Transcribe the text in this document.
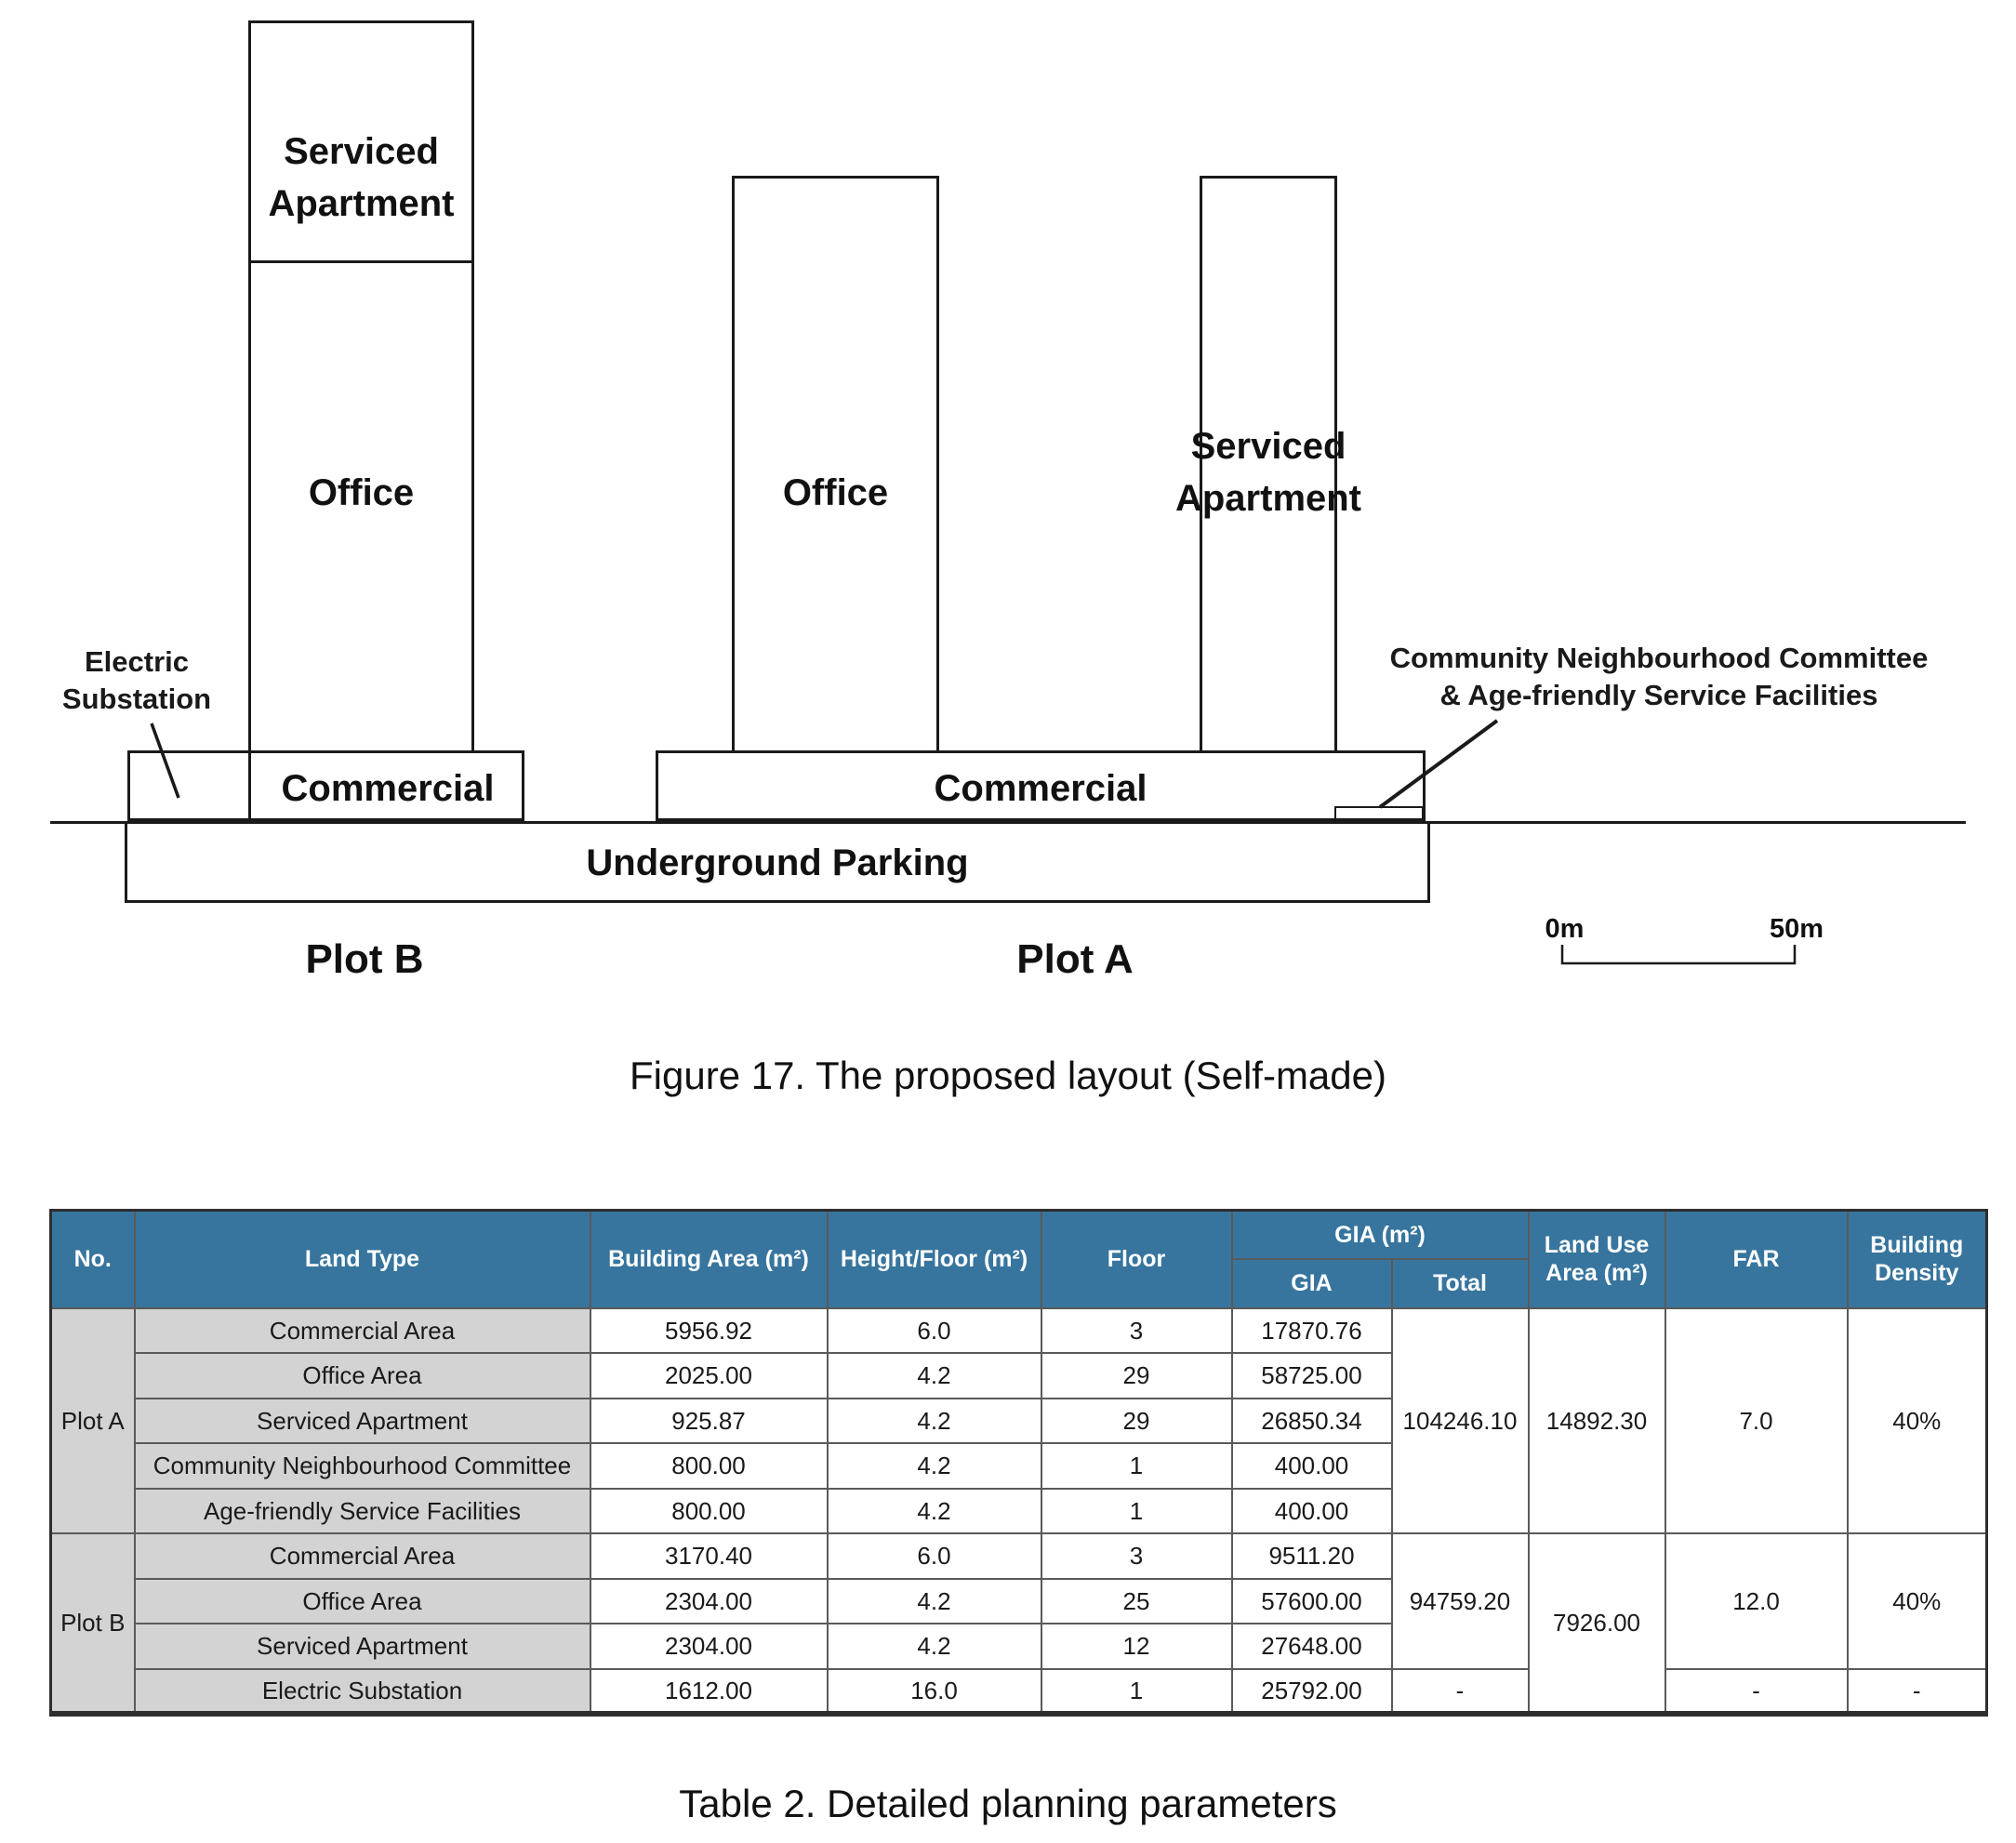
Serviced Apartment
Office	Office
Serviced Apartment
Commercial	Commercial
Underground Parking
Electric Substation
Community Neighbourhood Committee
& Age-friendly Service Facilities
0m	50m
Plot B	Plot A
Figure 17. The proposed layout (Self-made)
No.	Land Type	Building Area (m²)	Height/Floor (m²)	Floor	GIA (m²)		Land Use Area (m²)	FAR	Building Density
					GIA	Total			
Plot A	Commercial Area	5956.92	6.0	3	17870.76	104246.10	14892.30	7.0	40%
	Office Area	2025.00	4.2	29	58725.00				
	Serviced Apartment	925.87	4.2	29	26850.34				
	Community Neighbourhood Committee	800.00	4.2	1	400.00				
	Age-friendly Service Facilities	800.00	4.2	1	400.00				
Plot B	Commercial Area	3170.40	6.0	3	9511.20	94759.20	7926.00	12.0	40%
	Office Area	2304.00	4.2	25	57600.00				
	Serviced Apartment	2304.00	4.2	12	27648.00				
	Electric Substation	1612.00	16.0	1	25792.00	-		-	-
Table 2. Detailed planning parameters
